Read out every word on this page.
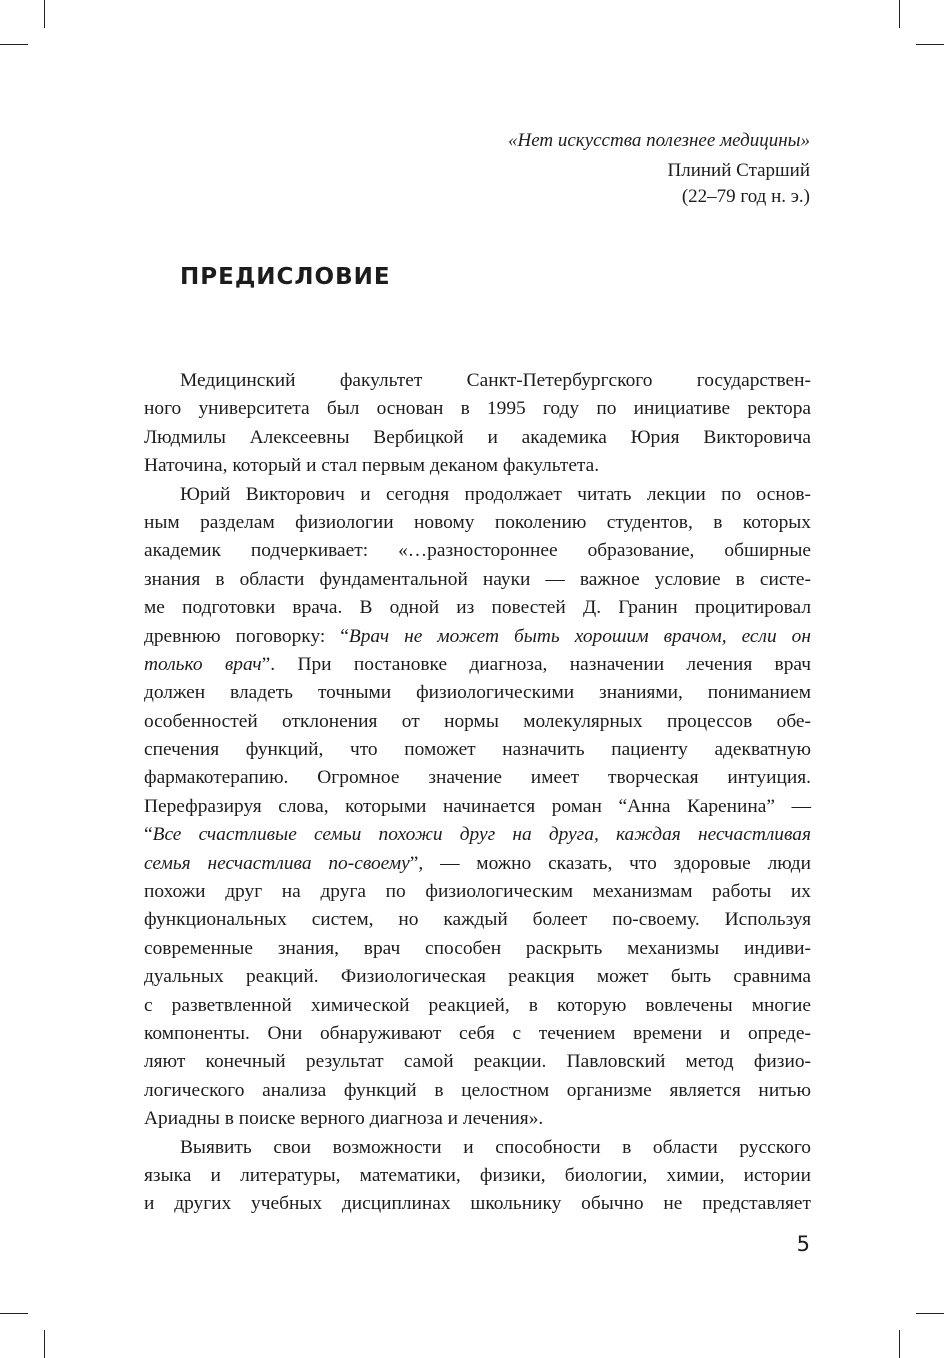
«Нет искусства полезнее медицины»
Плиний Старший
(22–79 год н. э.)
ПРЕДИСЛОВИЕ
Медицинский факультет Санкт-Петербургского государствен-
ного университета был основан в 1995 году по инициативе ректора
Людмилы Алексеевны Вербицкой и академика Юрия Викторовича
Наточина, который и стал первым деканом факультета.
Юрий Викторович и сегодня продолжает читать лекции по основ-
ным разделам физиологии новому поколению студентов, в которых
академик подчеркивает: «…разностороннее образование, обширные
знания в области фундаментальной науки — важное условие в систе-
ме подготовки врача. В одной из повестей Д. Гранин процитировал
древнюю поговорку: “Врач не может быть хорошим врачом, если он
только врач”. При постановке диагноза, назначении лечения врач
должен владеть точными физиологическими знаниями, пониманием
особенностей отклонения от нормы молекулярных процессов обе-
спечения функций, что поможет назначить пациенту адекватную
фармакотерапию. Огромное значение имеет творческая интуиция.
Перефразируя слова, которыми начинается роман “Анна Каренина” —
“Все счастливые семьи похожи друг на друга, каждая несчастливая
семья несчастлива по-своему”, — можно сказать, что здоровые люди
похожи друг на друга по физиологическим механизмам работы их
функциональных систем, но каждый болеет по-своему. Используя
современные знания, врач способен раскрыть механизмы индиви-
дуальных реакций. Физиологическая реакция может быть сравнима
с разветвленной химической реакцией, в которую вовлечены многие
компоненты. Они обнаруживают себя с течением времени и опреде-
ляют конечный результат самой реакции. Павловский метод физио-
логического анализа функций в целостном организме является нитью
Ариадны в поиске верного диагноза и лечения».
Выявить свои возможности и способности в области русского
языка и литературы, математики, физики, биологии, химии, истории
и других учебных дисциплинах школьнику обычно не представляет
5
